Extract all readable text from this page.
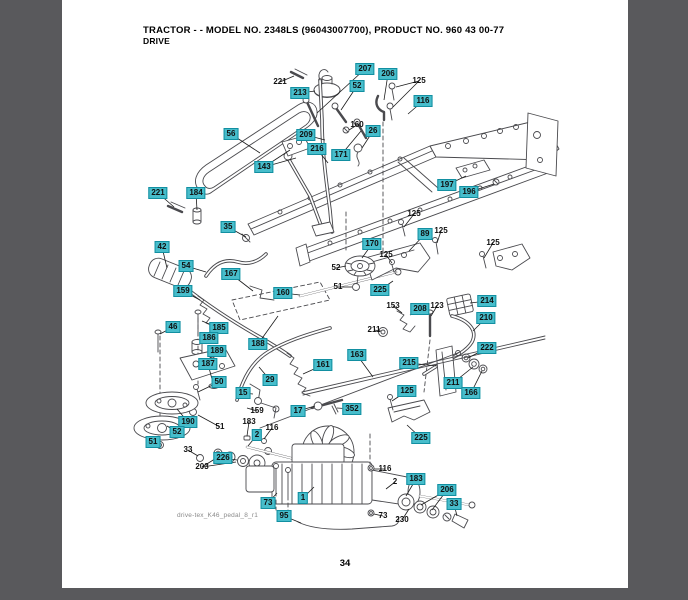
TRACTOR - - MODEL NO. 2348LS (96043007700), PRODUCT NO. 960 43 00-77
DRIVE
drive-tex_K46_pedal_8_r1
34
207
206
52
213
116
26
56	209
216
171
143
221	184
197
196
35
42
89
170
54
167
159	160	225
214
208
210
46	185
186
188
189	222
163
215
161
187
29
50	211
125	166
15
352
17
190
52	2	225
51
226
183
206
1
73	33
95
221	125
160
125
125
125
125
52
51
153	123
211
159
183
51	116
33
203	116
2
73 230
